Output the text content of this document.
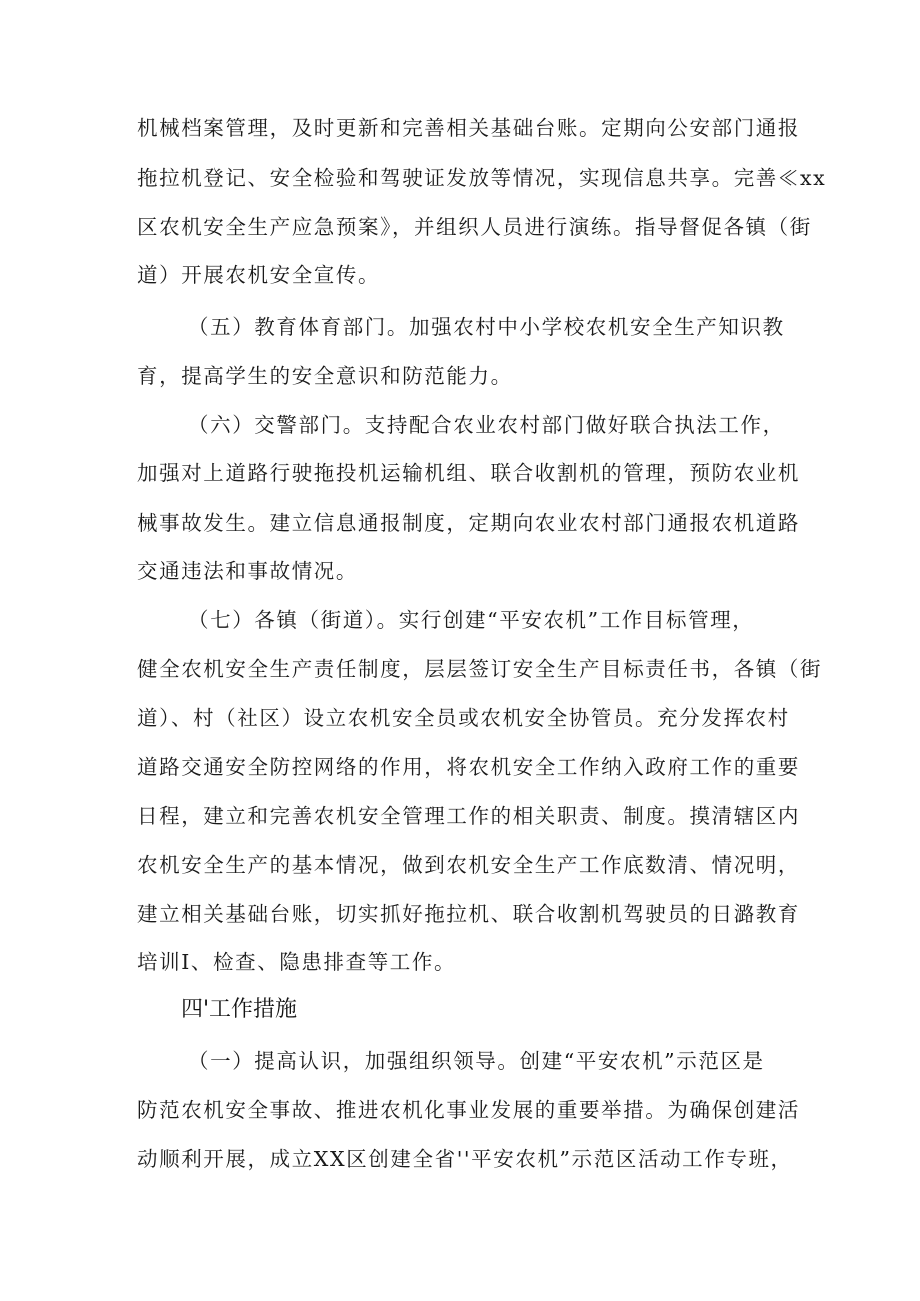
机械档案管理，及时更新和完善相关基础台账。定期向公安部门通报
拖拉机登记、安全检验和驾驶证发放等情况，实现信息共享。完善≪xx
区农机安全生产应急预案》，并组织人员进行演练。指导督促各镇（街
道）开展农机安全宣传。
（五）教育体育部门。加强农村中小学校农机安全生产知识教
育，提高学生的安全意识和防范能力。
（六）交警部门。支持配合农业农村部门做好联合执法工作，
加强对上道路行驶拖投机运输机组、联合收割机的管理，预防农业机
械事故发生。建立信息通报制度，定期向农业农村部门通报农机道路
交通违法和事故情况。
（七）各镇（街道）。实行创建“平安农机”工作目标管理，
健全农机安全生产责任制度，层层签订安全生产目标责任书，各镇（街
道）、村（社区）设立农机安全员或农机安全协管员。充分发挥农村
道路交通安全防控网络的作用，将农机安全工作纳入政府工作的重要
日程，建立和完善农机安全管理工作的相关职责、制度。摸清辖区内
农机安全生产的基本情况，做到农机安全生产工作底数清、情况明，
建立相关基础台账，切实抓好拖拉机、联合收割机驾驶员的日潞教育
培训I、检查、隐患排查等工作。
四'工作措施
（一）提高认识，加强组织领导。创建“平安农机”示范区是
防范农机安全事故、推进农机化事业发展的重要举措。为确保创建活
动顺利开展，成立XX区创建全省''平安农机”示范区活动工作专班，
